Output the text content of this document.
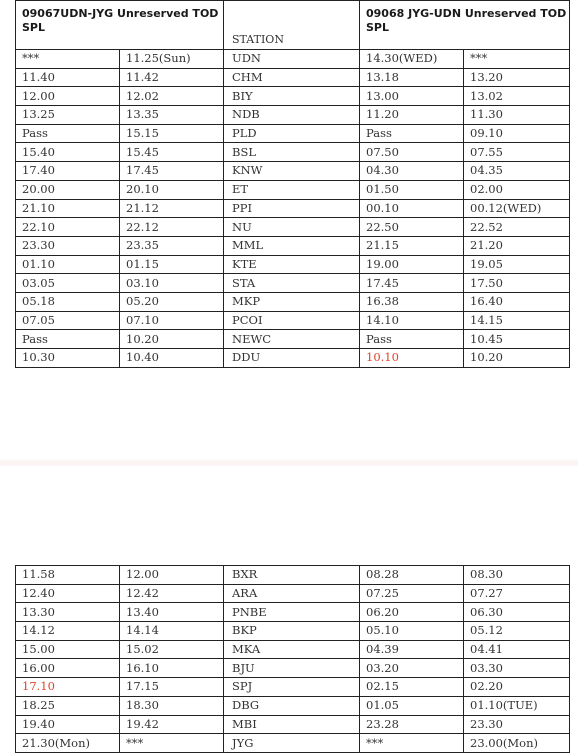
09067UDN-JYG Unreserved TOD SPL		STATION	09068 JYG-UDN Unreserved TOD SPL	
***	11.25(Sun)	UDN	14.30(WED)	***
11.40	11.42	CHM	13.18	13.20
12.00	12.02	BIY	13.00	13.02
13.25	13.35	NDB	11.20	11.30
Pass	15.15	PLD	Pass	09.10
15.40	15.45	BSL	07.50	07.55
17.40	17.45	KNW	04.30	04.35
20.00	20.10	ET	01.50	02.00
21.10	21.12	PPI	00.10	00.12(WED)
22.10	22.12	NU	22.50	22.52
23.30	23.35	MML	21.15	21.20
01.10	01.15	KTE	19.00	19.05
03.05	03.10	STA	17.45	17.50
05.18	05.20	MKP	16.38	16.40
07.05	07.10	PCOI	14.10	14.15
Pass	10.20	NEWC	Pass	10.45
10.30	10.40	DDU	10.10	10.20
11.58	12.00	BXR	08.28	08.30
12.40	12.42	ARA	07.25	07.27
13.30	13.40	PNBE	06.20	06.30
14.12	14.14	BKP	05.10	05.12
15.00	15.02	MKA	04.39	04.41
16.00	16.10	BJU	03.20	03.30
17.10	17.15	SPJ	02.15	02.20
18.25	18.30	DBG	01.05	01.10(TUE)
19.40	19.42	MBI	23.28	23.30
21.30(Mon)	***	JYG	***	23.00(Mon)
